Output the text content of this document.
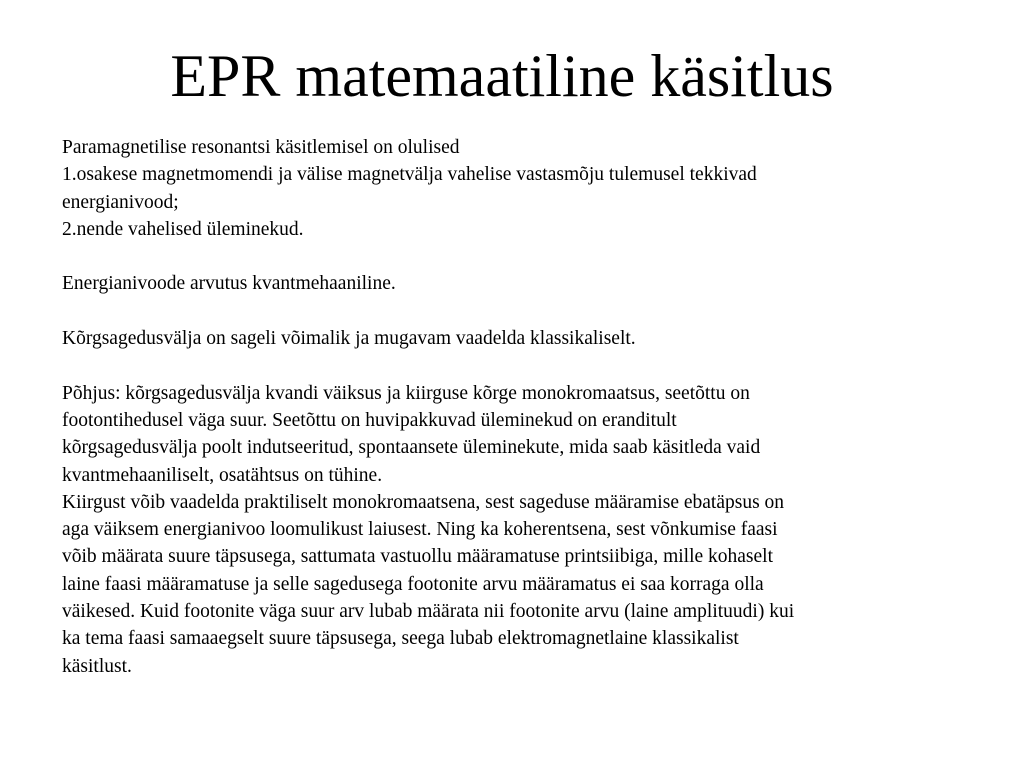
EPR matemaatiline käsitlus
Paramagnetilise resonantsi käsitlemisel on olulised
1.osakese magnetmomendi ja välise magnetvälja vahelise vastasmõju tulemusel tekkivad
energianivood;
2.nende vahelised üleminekud.
Energianivoode arvutus kvantmehaaniline.
Kõrgsagedusvälja on sageli võimalik ja mugavam vaadelda klassikaliselt.
Põhjus: kõrgsagedusvälja kvandi väiksus ja kiirguse kõrge monokromaatsus, seetõttu on
footontihedusel väga suur. Seetõttu on huvipakkuvad üleminekud on eranditult
kõrgsagedusvälja poolt indutseeritud, spontaansete üleminekute, mida saab käsitleda vaid
kvantmehaaniliselt, osatähtsus on tühine.
Kiirgust võib vaadelda praktiliselt monokromaatsena, sest sageduse määramise ebatäpsus on
aga väiksem energianivoo loomulikust laiusest. Ning ka koherentsena, sest võnkumise faasi
võib määrata suure täpsusega, sattumata vastuollu määramatuse printsiibiga, mille kohaselt
laine faasi määramatuse ja selle sagedusega footonite arvu määramatus ei saa korraga olla
väikesed. Kuid footonite väga suur arv lubab määrata nii footonite arvu (laine amplituudi) kui
ka tema faasi samaaegselt suure täpsusega, seega lubab elektromagnetlaine klassikalist
käsitlust.
